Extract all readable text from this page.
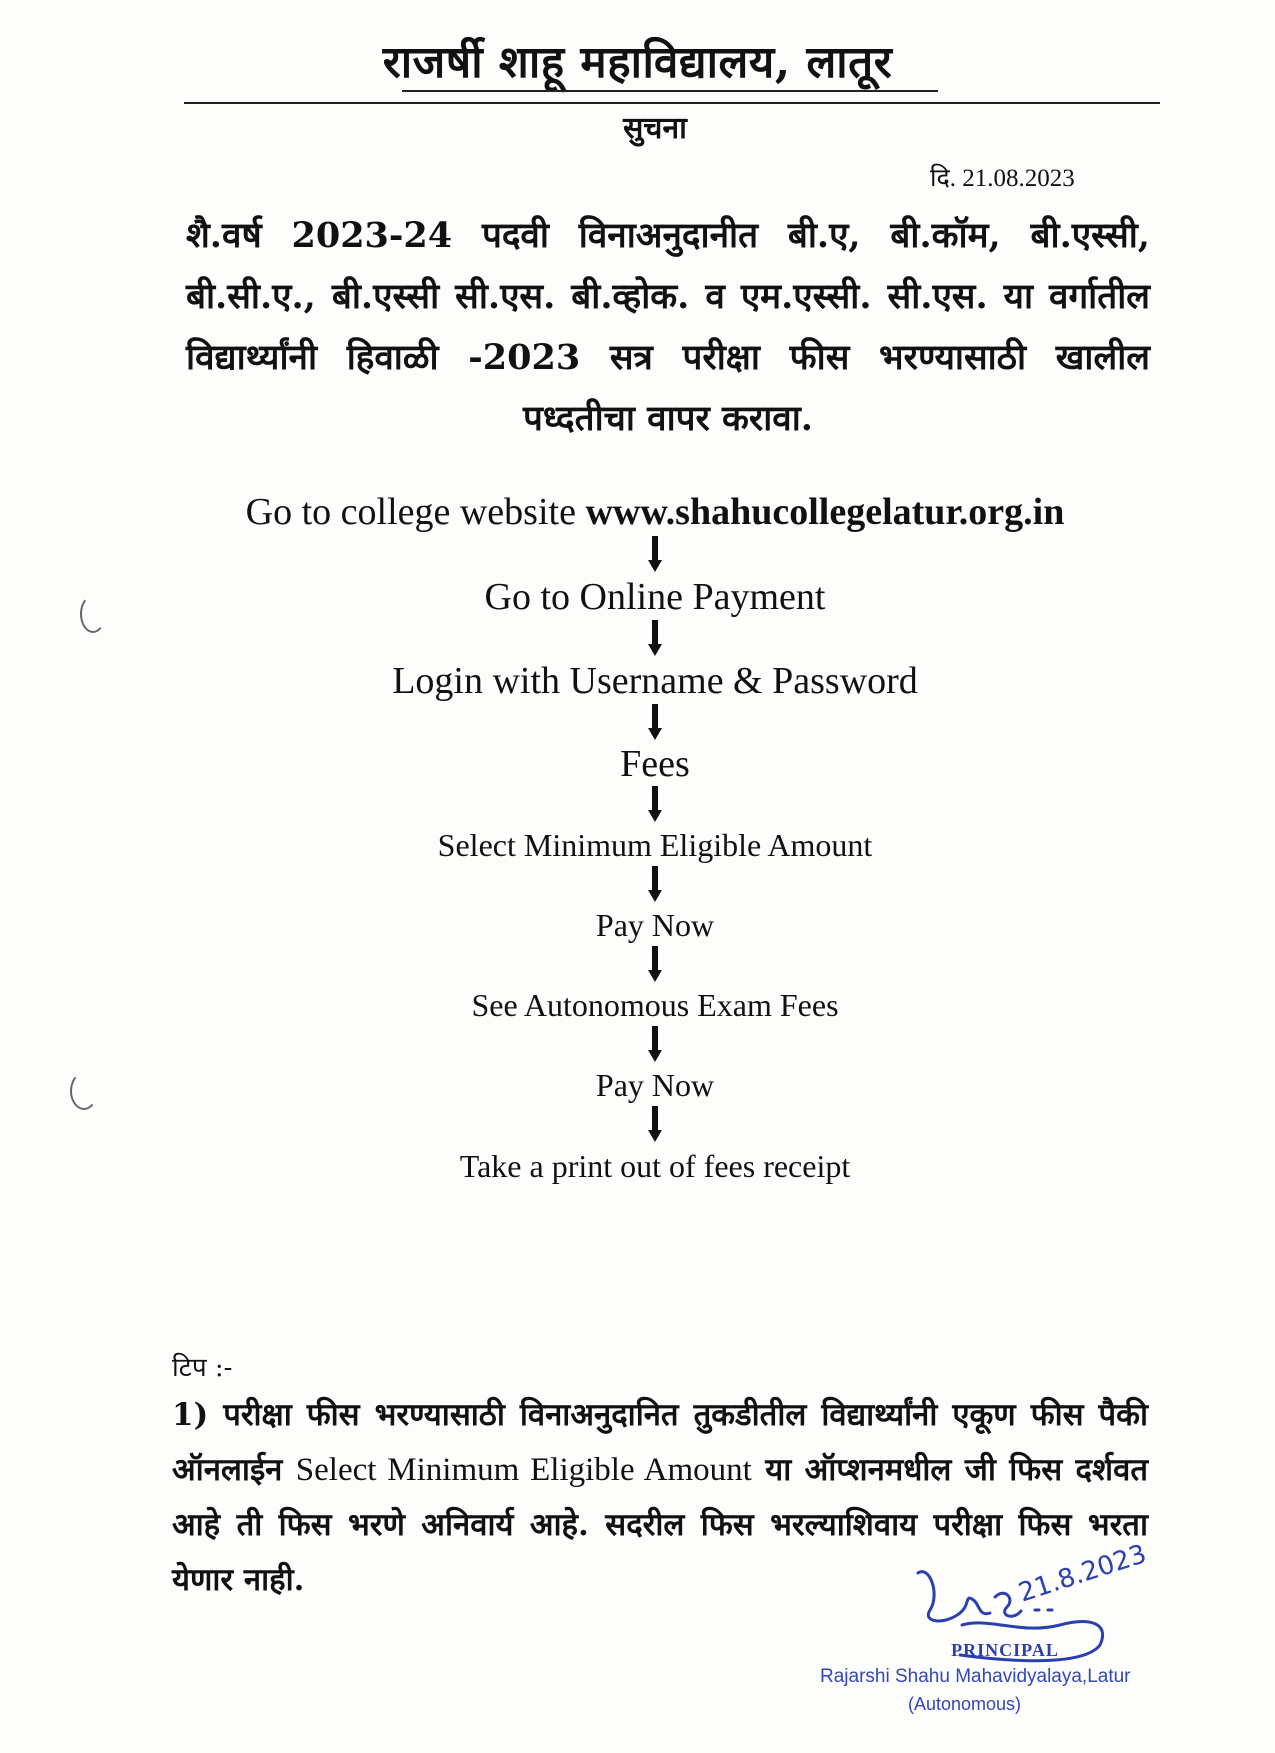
राजर्षी शाहू महाविद्यालय, लातूर
सुचना
दि. 21.08.2023
शै.वर्ष 2023-24 पदवी विनाअनुदानीत बी.ए, बी.कॉम, बी.एस्सी, बी.सी.ए., बी.एस्सी सी.एस. बी.व्होक. व एम.एस्सी. सी.एस. या वर्गातील विद्यार्थ्यांनी हिवाळी -2023 सत्र परीक्षा फीस भरण्यासाठी खालील पध्दतीचा वापर करावा.
Go to college website www.shahucollegelatur.org.in
Go to Online Payment
Login with Username & Password
Fees
Select Minimum Eligible Amount
Pay Now
See Autonomous Exam Fees
Pay Now
Take a print out of fees receipt
टिप :-
1) परीक्षा फीस भरण्यासाठी विनाअनुदानित तुकडीतील विद्यार्थ्यांनी एकूण फीस पैकी ऑनलाईन Select Minimum Eligible Amount या ऑप्शनमधील जी फिस दर्शवत आहे ती फिस भरणे अनिवार्य आहे. सदरील फिस भरल्याशिवाय परीक्षा फिस भरता येणार नाही.	21.8.2023
PRINCIPAL
Rajarshi Shahu Mahavidyalaya,Latur
(Autonomous)
